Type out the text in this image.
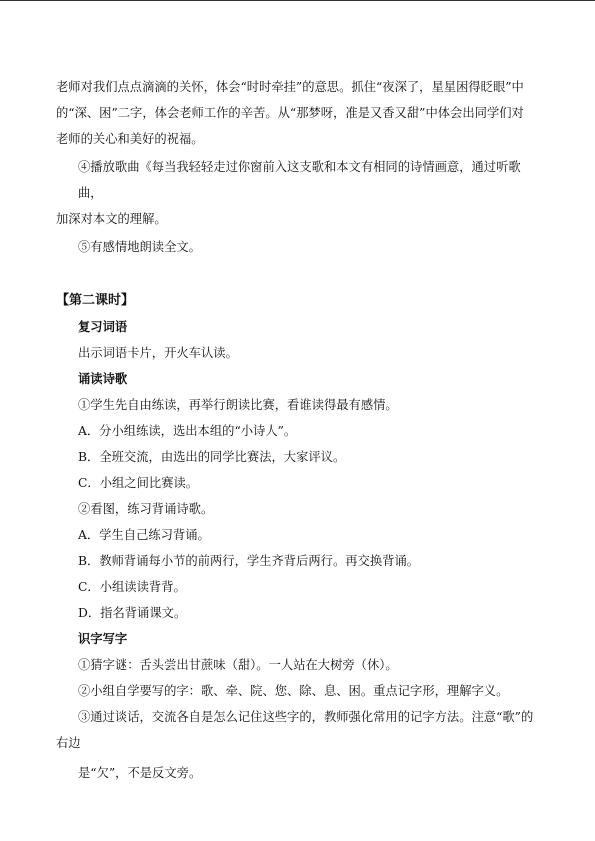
老师对我们点点滴滴的关怀，体会“时时牵挂”的意思。抓住“夜深了，星星困得眨眼”中

的“深、困”二字，体会老师工作的辛苦。从“那梦呀，准是又香又甜”中体会出同学们对

老师的关心和美好的祝福。

④播放歌曲《每当我轻轻走过你窗前入这支歌和本文有相同的诗情画意，通过听歌曲，

加深对本文的理解。

⑤有感情地朗读全文。

【第二课时】
复习词语

出示词语卡片，开火车认读。

诵读诗歌

①学生先自由练读，再举行朗读比赛，看谁读得最有感情。

A．分小组练读，选出本组的“小诗人”。

B．全班交流，由选出的同学比赛法，大家评议。

C．小组之间比赛读。

②看图，练习背诵诗歌。

A．学生自己练习背诵。

B．教师背诵每小节的前两行，学生齐背后两行。再交换背诵。

C．小组读读背背。

D．指名背诵课文。

识字写字

①猜字谜：舌头尝出甘蔗味（甜）。一人站在大树旁（休）。

②小组自学要写的字：歌、牵、院、您、除、息、困。重点记字形，理解字义。

③通过谈话，交流各自是怎么记住这些字的，教师强化常用的记字方法。注意“歌”的

右边

是“欠”，不是反文旁。
